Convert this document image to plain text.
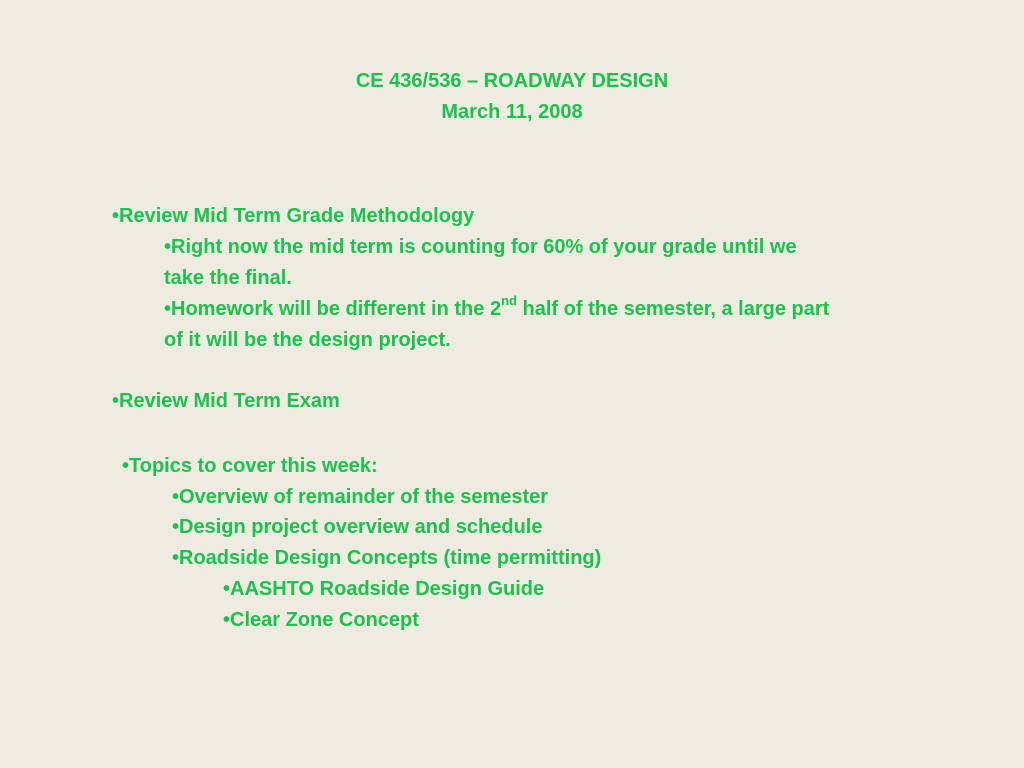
CE 436/536 – ROADWAY DESIGN
March 11, 2008
•Review Mid Term Grade Methodology
•Right now the mid term is counting for 60% of your grade until we
take the final.
•Homework will be different in the 2nd half of the semester, a large part
of it will be the design project.
•Review Mid Term Exam
•Topics to cover this week:
•Overview of remainder of the semester
•Design project overview and schedule
•Roadside Design Concepts (time permitting)
•AASHTO Roadside Design Guide
•Clear Zone Concept
